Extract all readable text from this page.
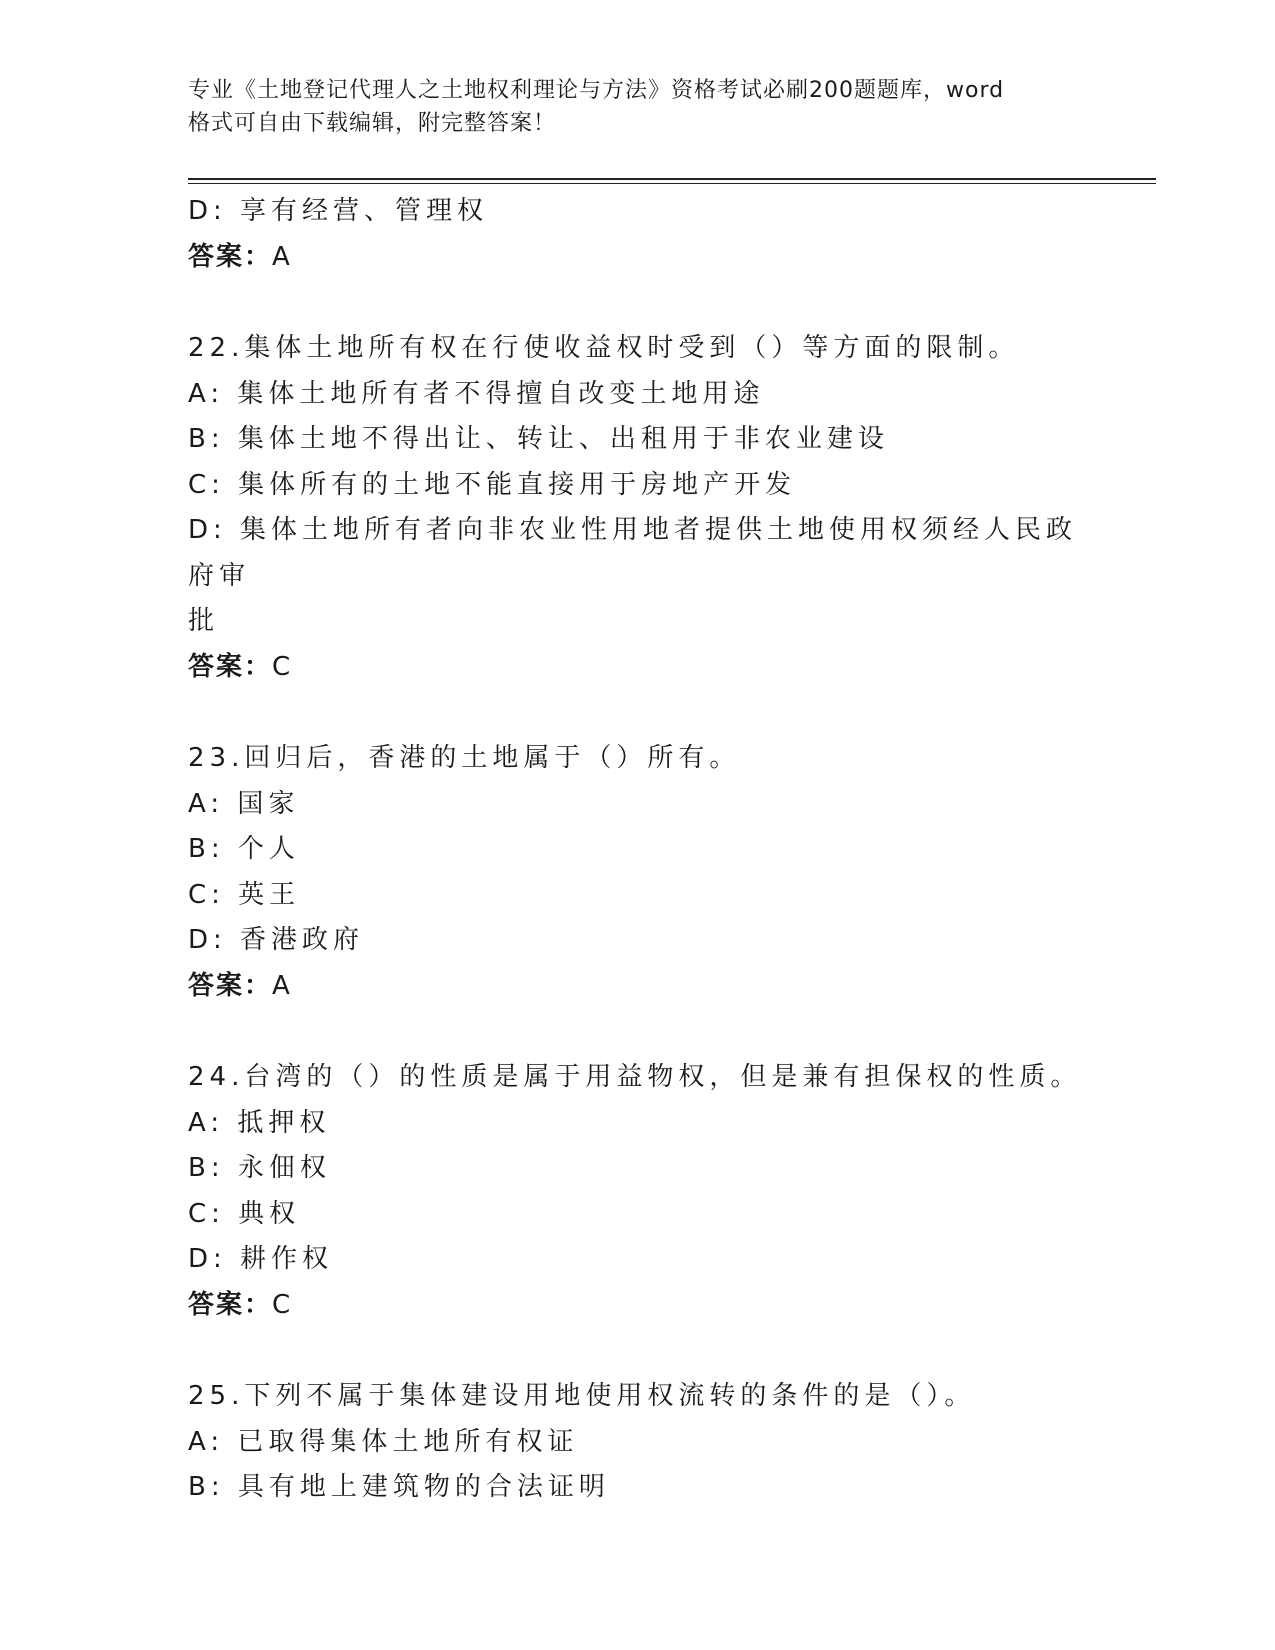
专业《土地登记代理人之土地权利理论与方法》资格考试必刷200题题库，word
格式可自由下载编辑，附完整答案！
D: 享有经营、管理权
答案：A
22.集体土地所有权在行使收益权时受到（）等方面的限制。
A: 集体土地所有者不得擅自改变土地用途
B: 集体土地不得出让、转让、出租用于非农业建设
C: 集体所有的土地不能直接用于房地产开发
D: 集体土地所有者向非农业性用地者提供土地使用权须经人民政府审
批
答案：C
23.回归后，香港的土地属于（）所有。
A: 国家
B: 个人
C: 英王
D: 香港政府
答案：A
24.台湾的（）的性质是属于用益物权，但是兼有担保权的性质。
A: 抵押权
B: 永佃权
C: 典权
D: 耕作权
答案：C
25.下列不属于集体建设用地使用权流转的条件的是（）。
A: 已取得集体土地所有权证
B: 具有地上建筑物的合法证明
